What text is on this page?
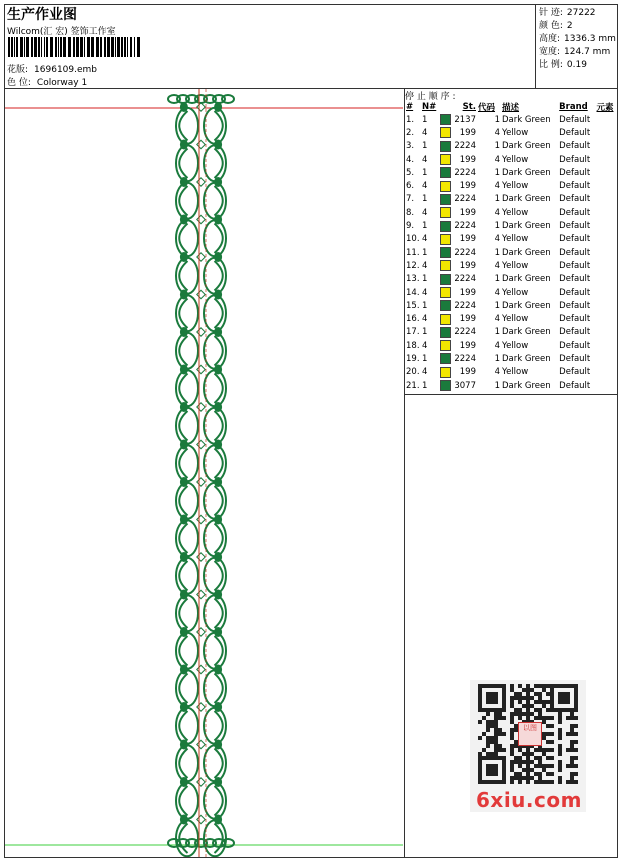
生产作业图
Wilcom(汇 宏) 签饰工作室
花版: 1696109.emb
色 位: Colorway 1
针 迹: 27222
颜 色: 2
高度: 1336.3 mm
宽度: 124.7 mm
比 例: 0.19
停 止 顺 序 :
#	N#		St.	代码	描述	Brand	元素
1.	1		2137	1	Dark Green	Default	
2.	4		199	4	Yellow	Default	
3.	1		2224	1	Dark Green	Default	
4.	4		199	4	Yellow	Default	
5.	1		2224	1	Dark Green	Default	
6.	4		199	4	Yellow	Default	
7.	1		2224	1	Dark Green	Default	
8.	4		199	4	Yellow	Default	
9.	1		2224	1	Dark Green	Default	
10.	4		199	4	Yellow	Default	
11.	1		2224	1	Dark Green	Default	
12.	4		199	4	Yellow	Default	
13.	1		2224	1	Dark Green	Default	
14.	4		199	4	Yellow	Default	
15.	1		2224	1	Dark Green	Default	
16.	4		199	4	Yellow	Default	
17.	1		2224	1	Dark Green	Default	
18.	4		199	4	Yellow	Default	
19.	1		2224	1	Dark Green	Default	
20.	4		199	4	Yellow	Default	
21.	1		3077	1	Dark Green	Default	
以图
6xiu.com
